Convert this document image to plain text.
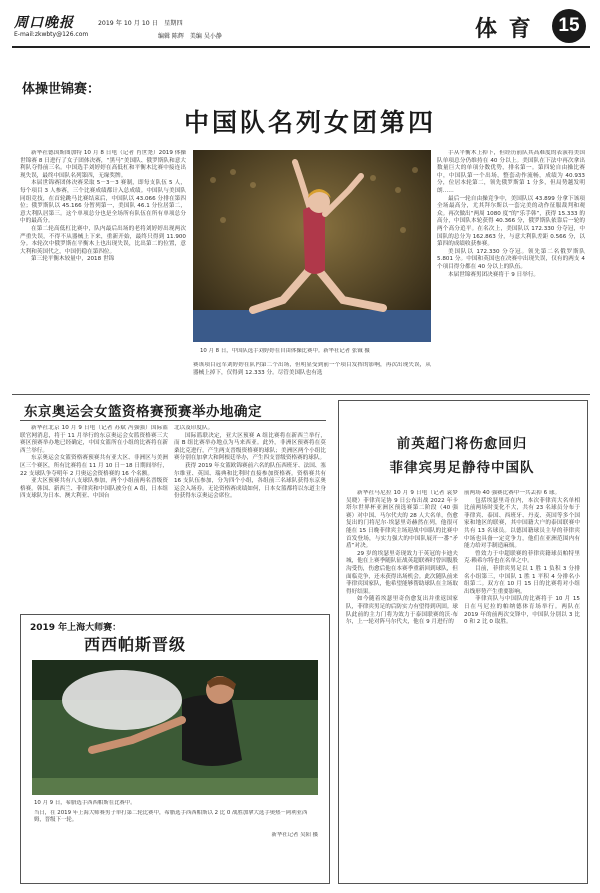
周口晚报	2019 年 10 月 10 日　星期四
E-mail:zkwbty@126.com	编辑 陈辉　美编 吴小静	体 育 15
体操世锦赛：
中国队名列女团第四

新华社德国斯图加特 10 月 8 日电（记者 肖世尧）2019 体操世锦赛 8 日进行了女子团体决赛，“黑马”美国队、俄罗斯队和意大利队夺得前三名。中国选手刘婷婷在高低杠和平衡木比赛中接连出现失误，最终中国队名列第四，无缘奖牌。

本届世锦赛团体决赛采取 5－3－3 赛制，即每支队伍 5 人，每个项目 3 人参赛，三个比赛成绩都计入总成绩。中国队与美国队同组竞技，在首轮跳马比赛结束后，中国队以 43.066 分排在第四位；俄罗斯队以 45.166 分暂列第一，美国队 46.1 分位居第二，意大利队居第三。这个单项总分也是全场所有队伍在所有单项总分中的最高分。

在第二轮高低杠比赛中，队内最后出场的老将刘婷婷出现两次严重失误，不得不从器械上下来，重新开始，最终只得到 11.900 分。本轮次中俄罗斯在平衡木上也出现失误，比出第二的位置，意大利和英国代之，中国仍稳在第四位。

第三轮平衡木较量中，2018 世锦

10 月 8 日，中国队选手刘婷婷在自由体操比赛中。新华社记者 张铖 摄
赛该项目冠军刘婷婷在队内第二个出场，但明显受到前一个项目发挥的影响，再次出现失误，从器械上掉下，仅得到 12.333 分。尽管美国队也有选

手从平衡木上掉下，但经历前队其高难度的表演将美国队单项总分仍维持在 40 分以上。美国队在下法中再次拿出数量巨大的单项分数优势，排名第一。第四轮自由操比赛中，中国队第一个出场，整套动作流畅，成绩为 40.933 分，位居本轮第二，领先俄罗斯第 1 分多，但局势越发明朗……

最后一轮自由操竞争中，美国队以 43.899 分拿下该项全场最高分，尤其拜尔斯以一套完美的动作征服裁判和观众。再次做出“两周 1080 度”的“乐手韩”，获得 15.333 的高分，中国队本轮获得 40.366 分，俄罗斯队依靠后一轮的两个高分追平。在名次上，美国队以 172.330 分夺冠，中国队的总分为 162.863 分，与意大利队差距 0.566 分，以第四的成绩收获参赛。

美国队以 172.330 分夺冠。领先第二名俄罗斯队 5.801 分。中国和英国也在决赛中出现失误，仅有的两支 4 个项目得分都在 40 分以上的队伍。

本届世锦赛男团决赛将于 9 日举行。

东京奥运会女篮资格赛预赛举办地确定

新华社北京 10 月 9 日电（记者 苏斌 冯强强）国际篮联官网消息，将于 11 月举行的东京奥运会女篮资格赛三大赛区预赛举办地已经确定，中国女篮所在小组的比赛将在新西兰举行。

东京奥运会女篮资格赛预赛共有亚大区、非洲区与美洲区三个赛区，所有比赛将在 11 月 10 日－18 日期间举行，22 支球队争夺明年 2 月奥运会资格赛的 16 个名额。

亚大区预赛共有八支球队参加，两个小组前两名晋级资格赛。韩国、新西兰、菲律宾和中国队被分在 A 组，日本组四支球队为日本、澳大利亚、中国台

北以及印度队。

国际篮联决定，亚大区预赛 A 组比赛将在新西兰举行，而 B 组比赛举办地点为马来西亚。此外，非洲区预赛将在莫桑比克进行，产生两支晋级资格赛的球队；美洲区两个小组比赛分别在加拿大和阿根廷举办，产生四支晋级资格赛的球队。

获得 2019 年女篮欧锦赛前六名的队伍西班牙、法国、塞尔维亚、英国、瑞典和比利时直接参加资格赛。资格赛共有 16 支队伍参加，分为四个小组，各组前三名球队获得东京奥运会入场券。无论资格赛成绩如何，日本女篮都将以东道主身份获得东京奥运会席位。

2019 年上海大师赛：
西西帕斯晋级
10 月 9 日，希腊选手西西帕斯在比赛中。
当日，在 2019 年上海大师赛男子单打第二轮比赛中，希腊选手西西帕斯以 2 比 0 战胜加拿大选手奥热－阿利亚西姆，晋级下一轮。
新华社记者 吴阳 摄
前英超门将伤愈回归
菲律宾男足静待中国队

新华社马尼拉 10 月 9 日电（记者 袁梦 吴晓）菲律宾足协 9 日公布出战 2022 年卡塔尔世界杯亚洲区预选赛第二阶段（40 强赛）对中国、马尔代夫的 28 人大名单，伤愈复出的门将尼尔·埃瑟里奇赫然在列，他很可能在 15 日晚菲律宾主场迎战中国队的比赛中首发登场，与实力强大的中国队展开一番“矛盾”对决。

29 岁的埃瑟里奇现效力于英冠的卡迪夫城，他在上赛季随队征战英超联赛时曾因腹股沟受伤，伤愈后他在本赛季重新回到球队，但面临竞争，还未获得出场机会。此次随队前来菲律宾国家队，他希望能够帮助球队在主场取得好结果。

如今随着埃瑟里奇伤愈复出并重返国家队，菲律宾男足的后防实力有望得到巩固。球队此前的主力门将为效力于泰国联赛的沃·布尔，上一轮对阵马尔代夫，他在 9 月进行的

前两场 40 强赛比赛中一共丢掉 6 球。

包括埃瑟里奇在内，本次菲律宾大名单相比前两场时变化不大，共有 23 名球员分布于菲律宾、泰国、西班牙、丹麦、英国等多个国家和地区的联赛，其中国籍大户的泰国联赛中共有 13 名球员。以德国籍球员主导的菲律宾中场也具备一定竞争力，他们在亚洲范围内有能力给对手制造麻烦。

曾效力于中超联赛的菲律宾籍球员帕特里克·赖希尔特也在名单之中。

目前，菲律宾男足以 1 胜 1 负积 3 分排名小组第三，中国队 1 胜 1 平积 4 分排名小组第二。双方在 10 月 15 日的比赛将对小组出线形势产生重要影响。

菲律宾队与中国队的比赛将于 10 月 15 日在马尼拉的帕纳德体育场举行。两队在 2019 年的前两次交锋中，中国队分别以 3 比 0 和 2 比 0 取胜。
